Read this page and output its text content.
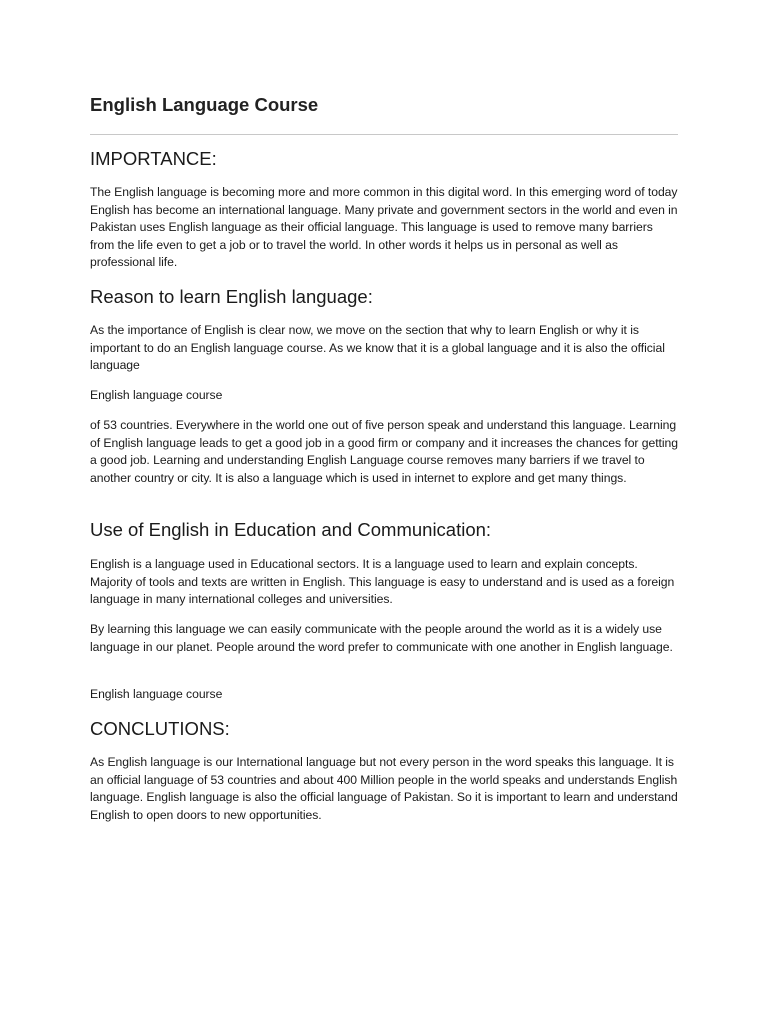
English Language Course
IMPORTANCE:

The English language is becoming more and more common in this digital word. In this emerging word of today English has become an international language. Many private and government sectors in the world and even in Pakistan uses English language as their official language. This language is used to remove many barriers from the life even to get a job or to travel the world. In other words it helps us in personal as well as professional life.

Reason to learn English language:

As the importance of English is clear now, we move on the section that why to learn English or why it is important to do an English language course. As we know that it is a global language and it is also the official language

English language course

of 53 countries. Everywhere in the world one out of five person speak and understand this language. Learning of English language leads to get a good job in a good firm or company and it increases the chances for getting a good job. Learning and understanding English Language course removes many barriers if we travel to another country or city. It is also a language which is used in internet to explore and get many things.

Use of English in Education and Communication:

English is a language used in Educational sectors. It is a language used to learn and explain concepts. Majority of tools and texts are written in English. This language is easy to understand and is used as a foreign language in many international colleges and universities.

By learning this language we can easily communicate with the people around the world as it is a widely use language in our planet. People around the word prefer to communicate with one another in English language.

English language course

CONCLUTIONS:

As English language is our International language but not every person in the word speaks this language. It is an official language of 53 countries and about 400 Million people in the world speaks and understands English language. English language is also the official language of Pakistan. So it is important to learn and understand English to open doors to new opportunities.
